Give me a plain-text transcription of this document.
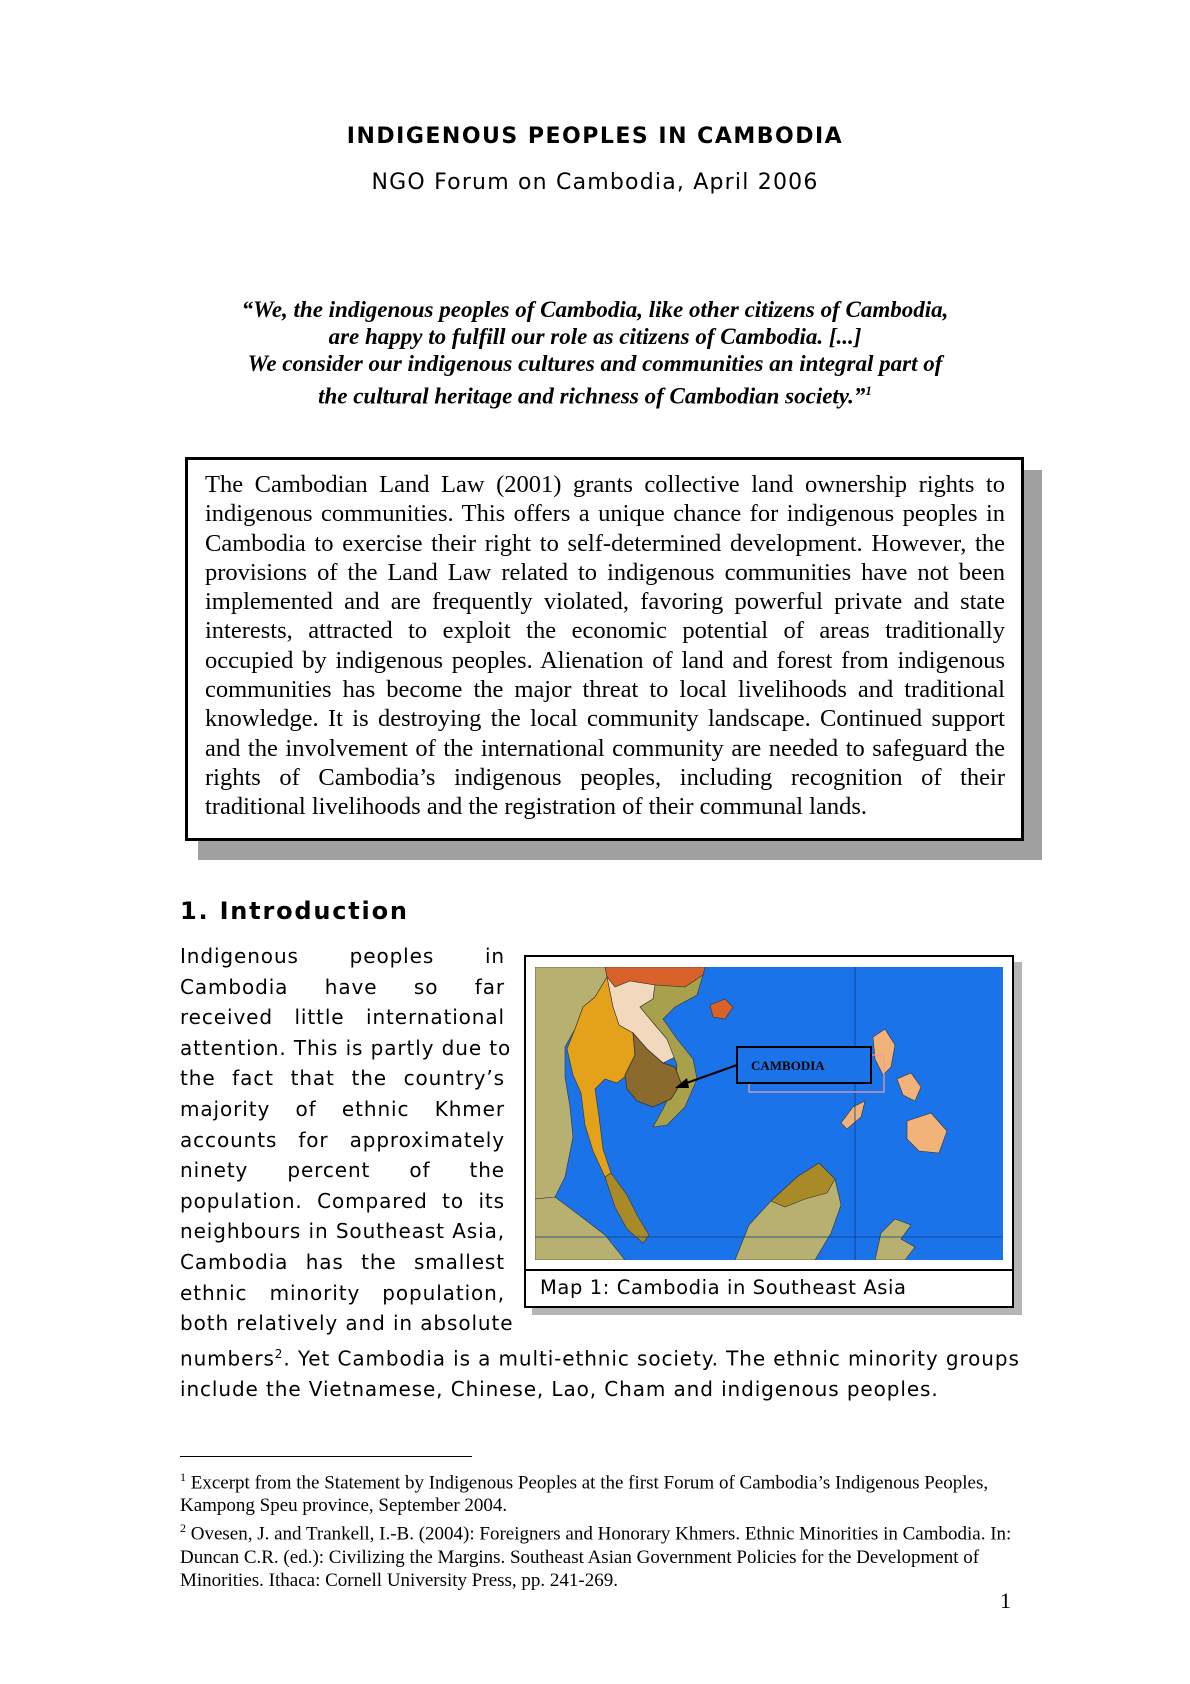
INDIGENOUS PEOPLES IN CAMBODIA
NGO Forum on Cambodia, April 2006
“We, the indigenous peoples of Cambodia, like other citizens of Cambodia,
are happy to fulfill our role as citizens of Cambodia. [...]
We consider our indigenous cultures and communities an integral part of
the cultural heritage and richness of Cambodian society.”$^1$

The Cambodian Land Law (2001) grants collective land ownership rights to indigenous communities. This offers a unique chance for indigenous peoples in Cambodia to exercise their right to self-determined development. However, the provisions of the Land Law related to indigenous communities have not been implemented and are frequently violated, favoring powerful private and state interests, attracted to exploit the economic potential of areas traditionally occupied by indigenous peoples. Alienation of land and forest from indigenous communities has become the major threat to local livelihoods and traditional knowledge. It is destroying the local community landscape. Continued support and the involvement of the international community are needed to safeguard the rights of Cambodia’s indigenous peoples, including recognition of their traditional livelihoods and the registration of their communal lands.

1. Introduction
Indigenous peoples in
Cambodia have so far
received little international
attention. This is partly due to
the fact that the country’s
majority of ethnic Khmer
accounts for approximately
ninety percent of the
population. Compared to its
neighbours in Southeast Asia,
Cambodia has the smallest
ethnic minority population,
both relatively and in absolute
numbers$^2$. Yet Cambodia is a multi-ethnic society. The ethnic minority groups include the Vietnamese, Chinese, Lao, Cham and indigenous peoples.
CAMBODIA
Map 1: Cambodia in Southeast Asia

$^1$ Excerpt from the Statement by Indigenous Peoples at the first Forum of Cambodia’s Indigenous Peoples, Kampong Speu province, September 2004.

$^2$ Ovesen, J. and Trankell, I.-B. (2004): Foreigners and Honorary Khmers. Ethnic Minorities in Cambodia. In: Duncan C.R. (ed.): Civilizing the Margins. Southeast Asian Government Policies for the Development of Minorities. Ithaca: Cornell University Press, pp. 241-269.

1
